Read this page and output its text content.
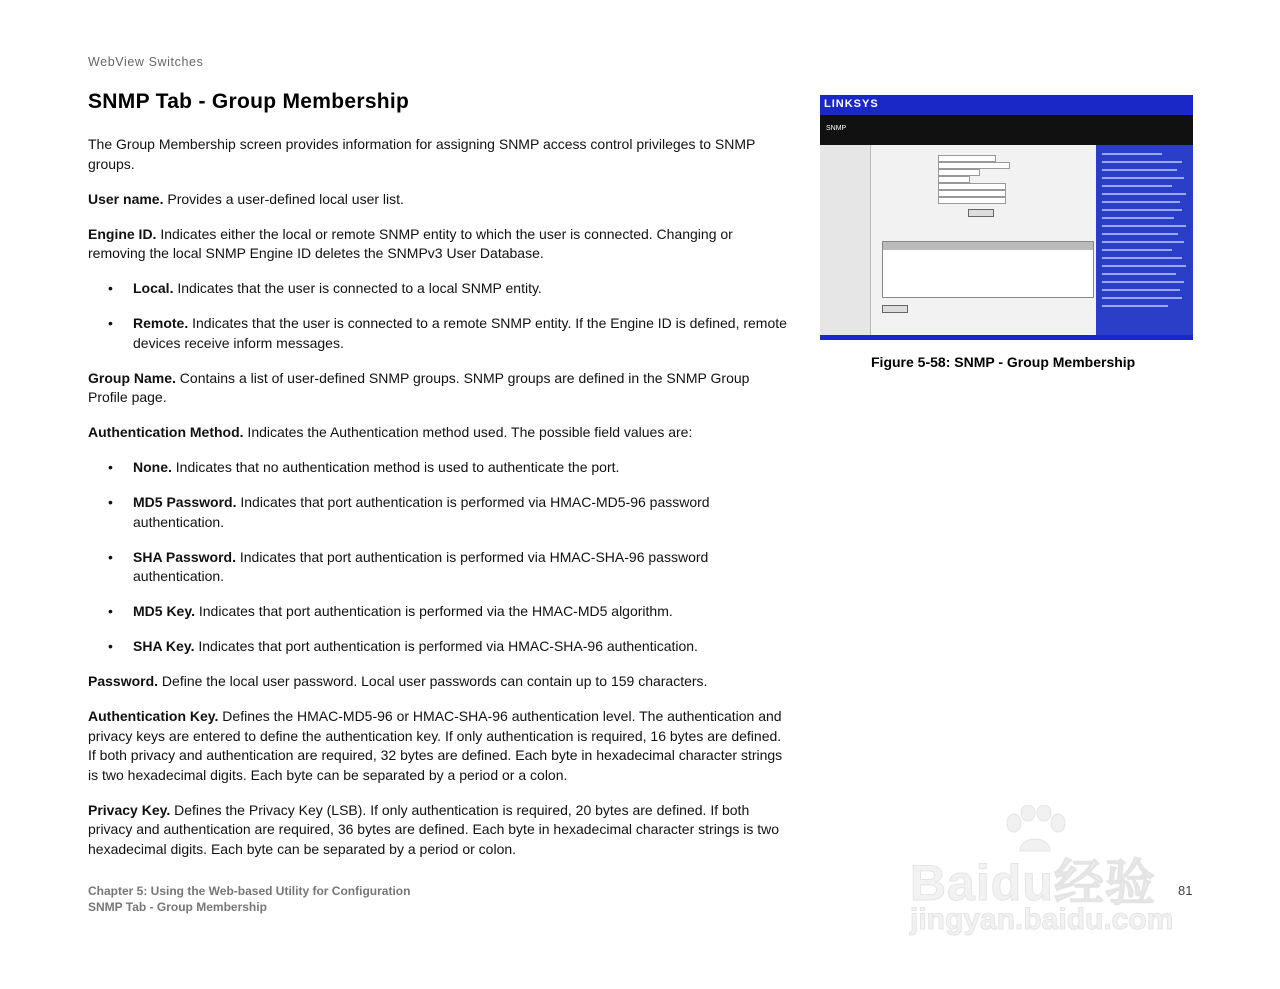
WebView Switches
SNMP Tab - Group Membership

The Group Membership screen provides information for assigning SNMP access control privileges to SNMP groups.

User name. Provides a user-defined local user list.

Engine ID. Indicates either the local or remote SNMP entity to which the user is connected. Changing or removing the local SNMP Engine ID deletes the SNMPv3 User Database.

• Local. Indicates that the user is connected to a local SNMP entity.
• Remote. Indicates that the user is connected to a remote SNMP entity. If the Engine ID is defined, remote devices receive inform messages.

Group Name. Contains a list of user-defined SNMP groups. SNMP groups are defined in the SNMP Group Profile page.

Authentication Method. Indicates the Authentication method used. The possible field values are:

• None. Indicates that no authentication method is used to authenticate the port.
• MD5 Password. Indicates that port authentication is performed via HMAC-MD5-96 password authentication.
• SHA Password. Indicates that port authentication is performed via HMAC-SHA-96 password authentication.
• MD5 Key. Indicates that port authentication is performed via the HMAC-MD5 algorithm.
• SHA Key. Indicates that port authentication is performed via HMAC-SHA-96 authentication.

Password. Define the local user password. Local user passwords can contain up to 159 characters.

Authentication Key. Defines the HMAC-MD5-96 or HMAC-SHA-96 authentication level. The authentication and privacy keys are entered to define the authentication key. If only authentication is required, 16 bytes are defined. If both privacy and authentication are required, 32 bytes are defined. Each byte in hexadecimal character strings is two hexadecimal digits. Each byte can be separated by a period or a colon.

Privacy Key. Defines the Privacy Key (LSB). If only authentication is required, 20 bytes are defined. If both privacy and authentication are required, 36 bytes are defined. Each byte in hexadecimal character strings is two hexadecimal digits. Each byte can be separated by a period or colon.

LINKSYS
SNMP
Figure 5-58: SNMP - Group Membership
Chapter 5: Using the Web-based Utility for Configuration
SNMP Tab - Group Membership
81
Baidu经验
jingyan.baidu.com
